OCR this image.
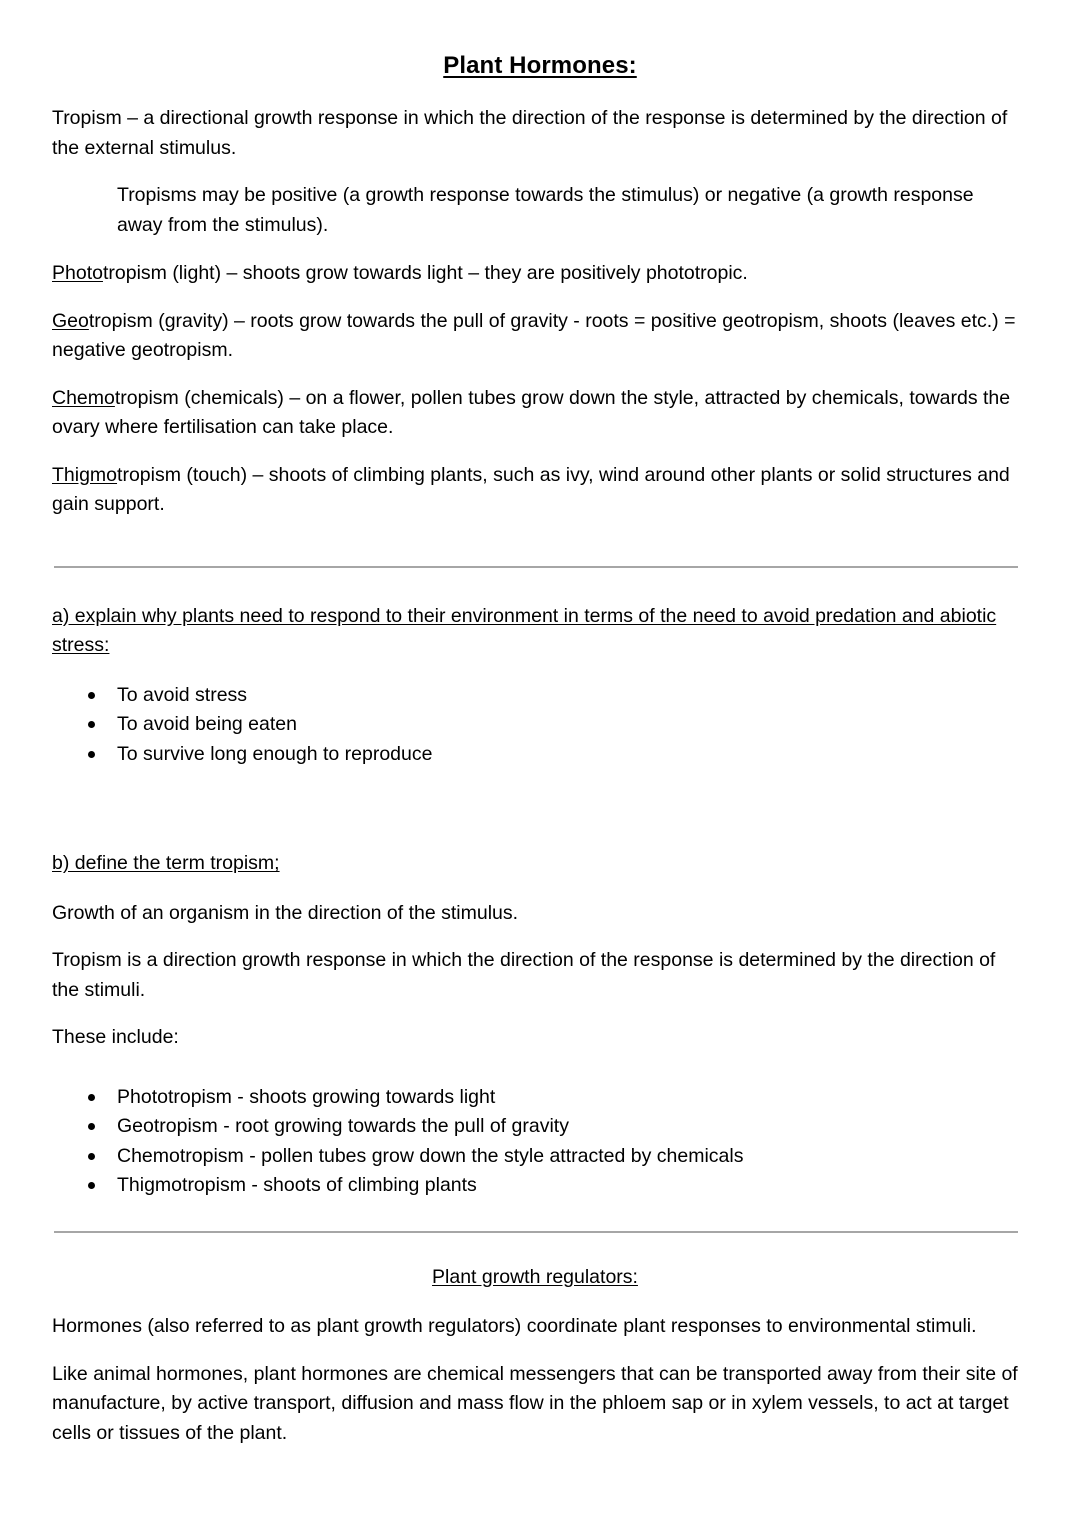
Plant Hormones:

Tropism – a directional growth response in which the direction of the response is determined by the direction of the external stimulus.

Tropisms may be positive (a growth response towards the stimulus) or negative (a growth response away from the stimulus).

Phototropism (light) – shoots grow towards light – they are positively phototropic.

Geotropism (gravity) – roots grow towards the pull of gravity - roots = positive geotropism, shoots (leaves etc.) = negative geotropism.

Chemotropism (chemicals) – on a flower, pollen tubes grow down the style, attracted by chemicals, towards the ovary where fertilisation can take place.

Thigmotropism (touch) – shoots of climbing plants, such as ivy, wind around other plants or solid structures and gain support.

a) explain why plants need to respond to their environment in terms of the need to avoid predation and abiotic stress:

To avoid stress
To avoid being eaten
To survive long enough to reproduce

b) define the term tropism;

Growth of an organism in the direction of the stimulus.

Tropism is a direction growth response in which the direction of the response is determined by the direction of the stimuli.

These include:

Phototropism - shoots growing towards light
Geotropism - root growing towards the pull of gravity
Chemotropism - pollen tubes grow down the style attracted by chemicals
Thigmotropism - shoots of climbing plants

Plant growth regulators:

Hormones (also referred to as plant growth regulators) coordinate plant responses to environmental stimuli.

Like animal hormones, plant hormones are chemical messengers that can be transported away from their site of manufacture, by active transport, diffusion and mass flow in the phloem sap or in xylem vessels, to act at target cells or tissues of the plant.
